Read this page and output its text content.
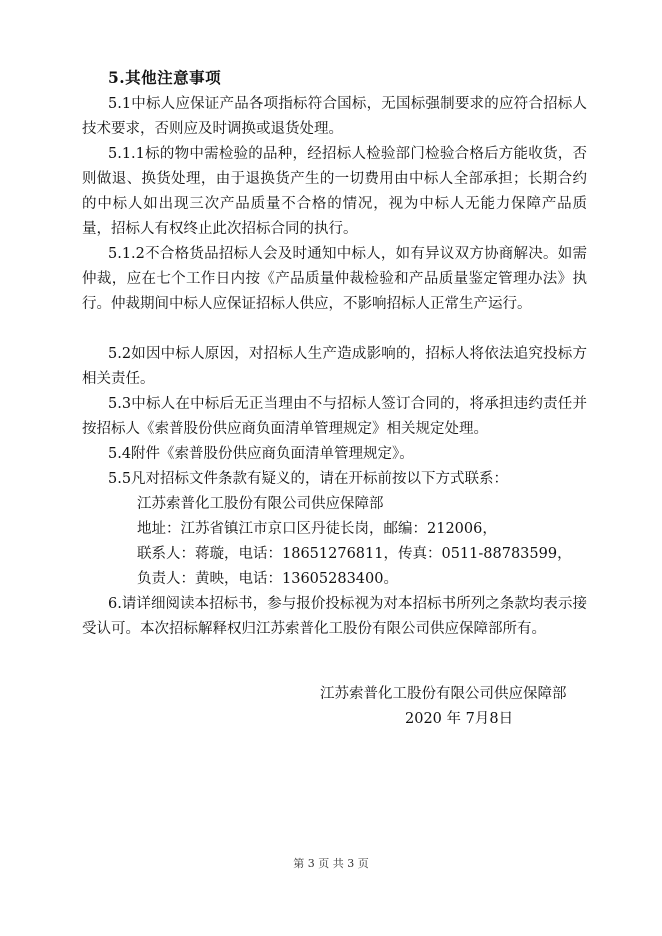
5.其他注意事项
5.1中标人应保证产品各项指标符合国标，无国标强制要求的应符合招标人技术要求，否则应及时调换或退货处理。
5.1.1标的物中需检验的品种，经招标人检验部门检验合格后方能收货，否则做退、换货处理，由于退换货产生的一切费用由中标人全部承担；长期合约的中标人如出现三次产品质量不合格的情况，视为中标人无能力保障产品质量，招标人有权终止此次招标合同的执行。
5.1.2不合格货品招标人会及时通知中标人，如有异议双方协商解决。如需仲裁，应在七个工作日内按《产品质量仲裁检验和产品质量鉴定管理办法》执行。仲裁期间中标人应保证招标人供应，不影响招标人正常生产运行。
5.2如因中标人原因，对招标人生产造成影响的，招标人将依法追究投标方相关责任。
5.3中标人在中标后无正当理由不与招标人签订合同的，将承担违约责任并按招标人《索普股份供应商负面清单管理规定》相关规定处理。
5.4附件《索普股份供应商负面清单管理规定》。
5.5凡对招标文件条款有疑义的，请在开标前按以下方式联系：
江苏索普化工股份有限公司供应保障部
地址：江苏省镇江市京口区丹徒长岗，邮编：212006，
联系人：蒋璇，电话：18651276811，传真：0511-88783599，
负责人：黄映，电话：13605283400。
6.请详细阅读本招标书，参与报价投标视为对本招标书所列之条款均表示接受认可。本次招标解释权归江苏索普化工股份有限公司供应保障部所有。
江苏索普化工股份有限公司供应保障部
2020 年 7月8日
第 3 页 共 3 页
